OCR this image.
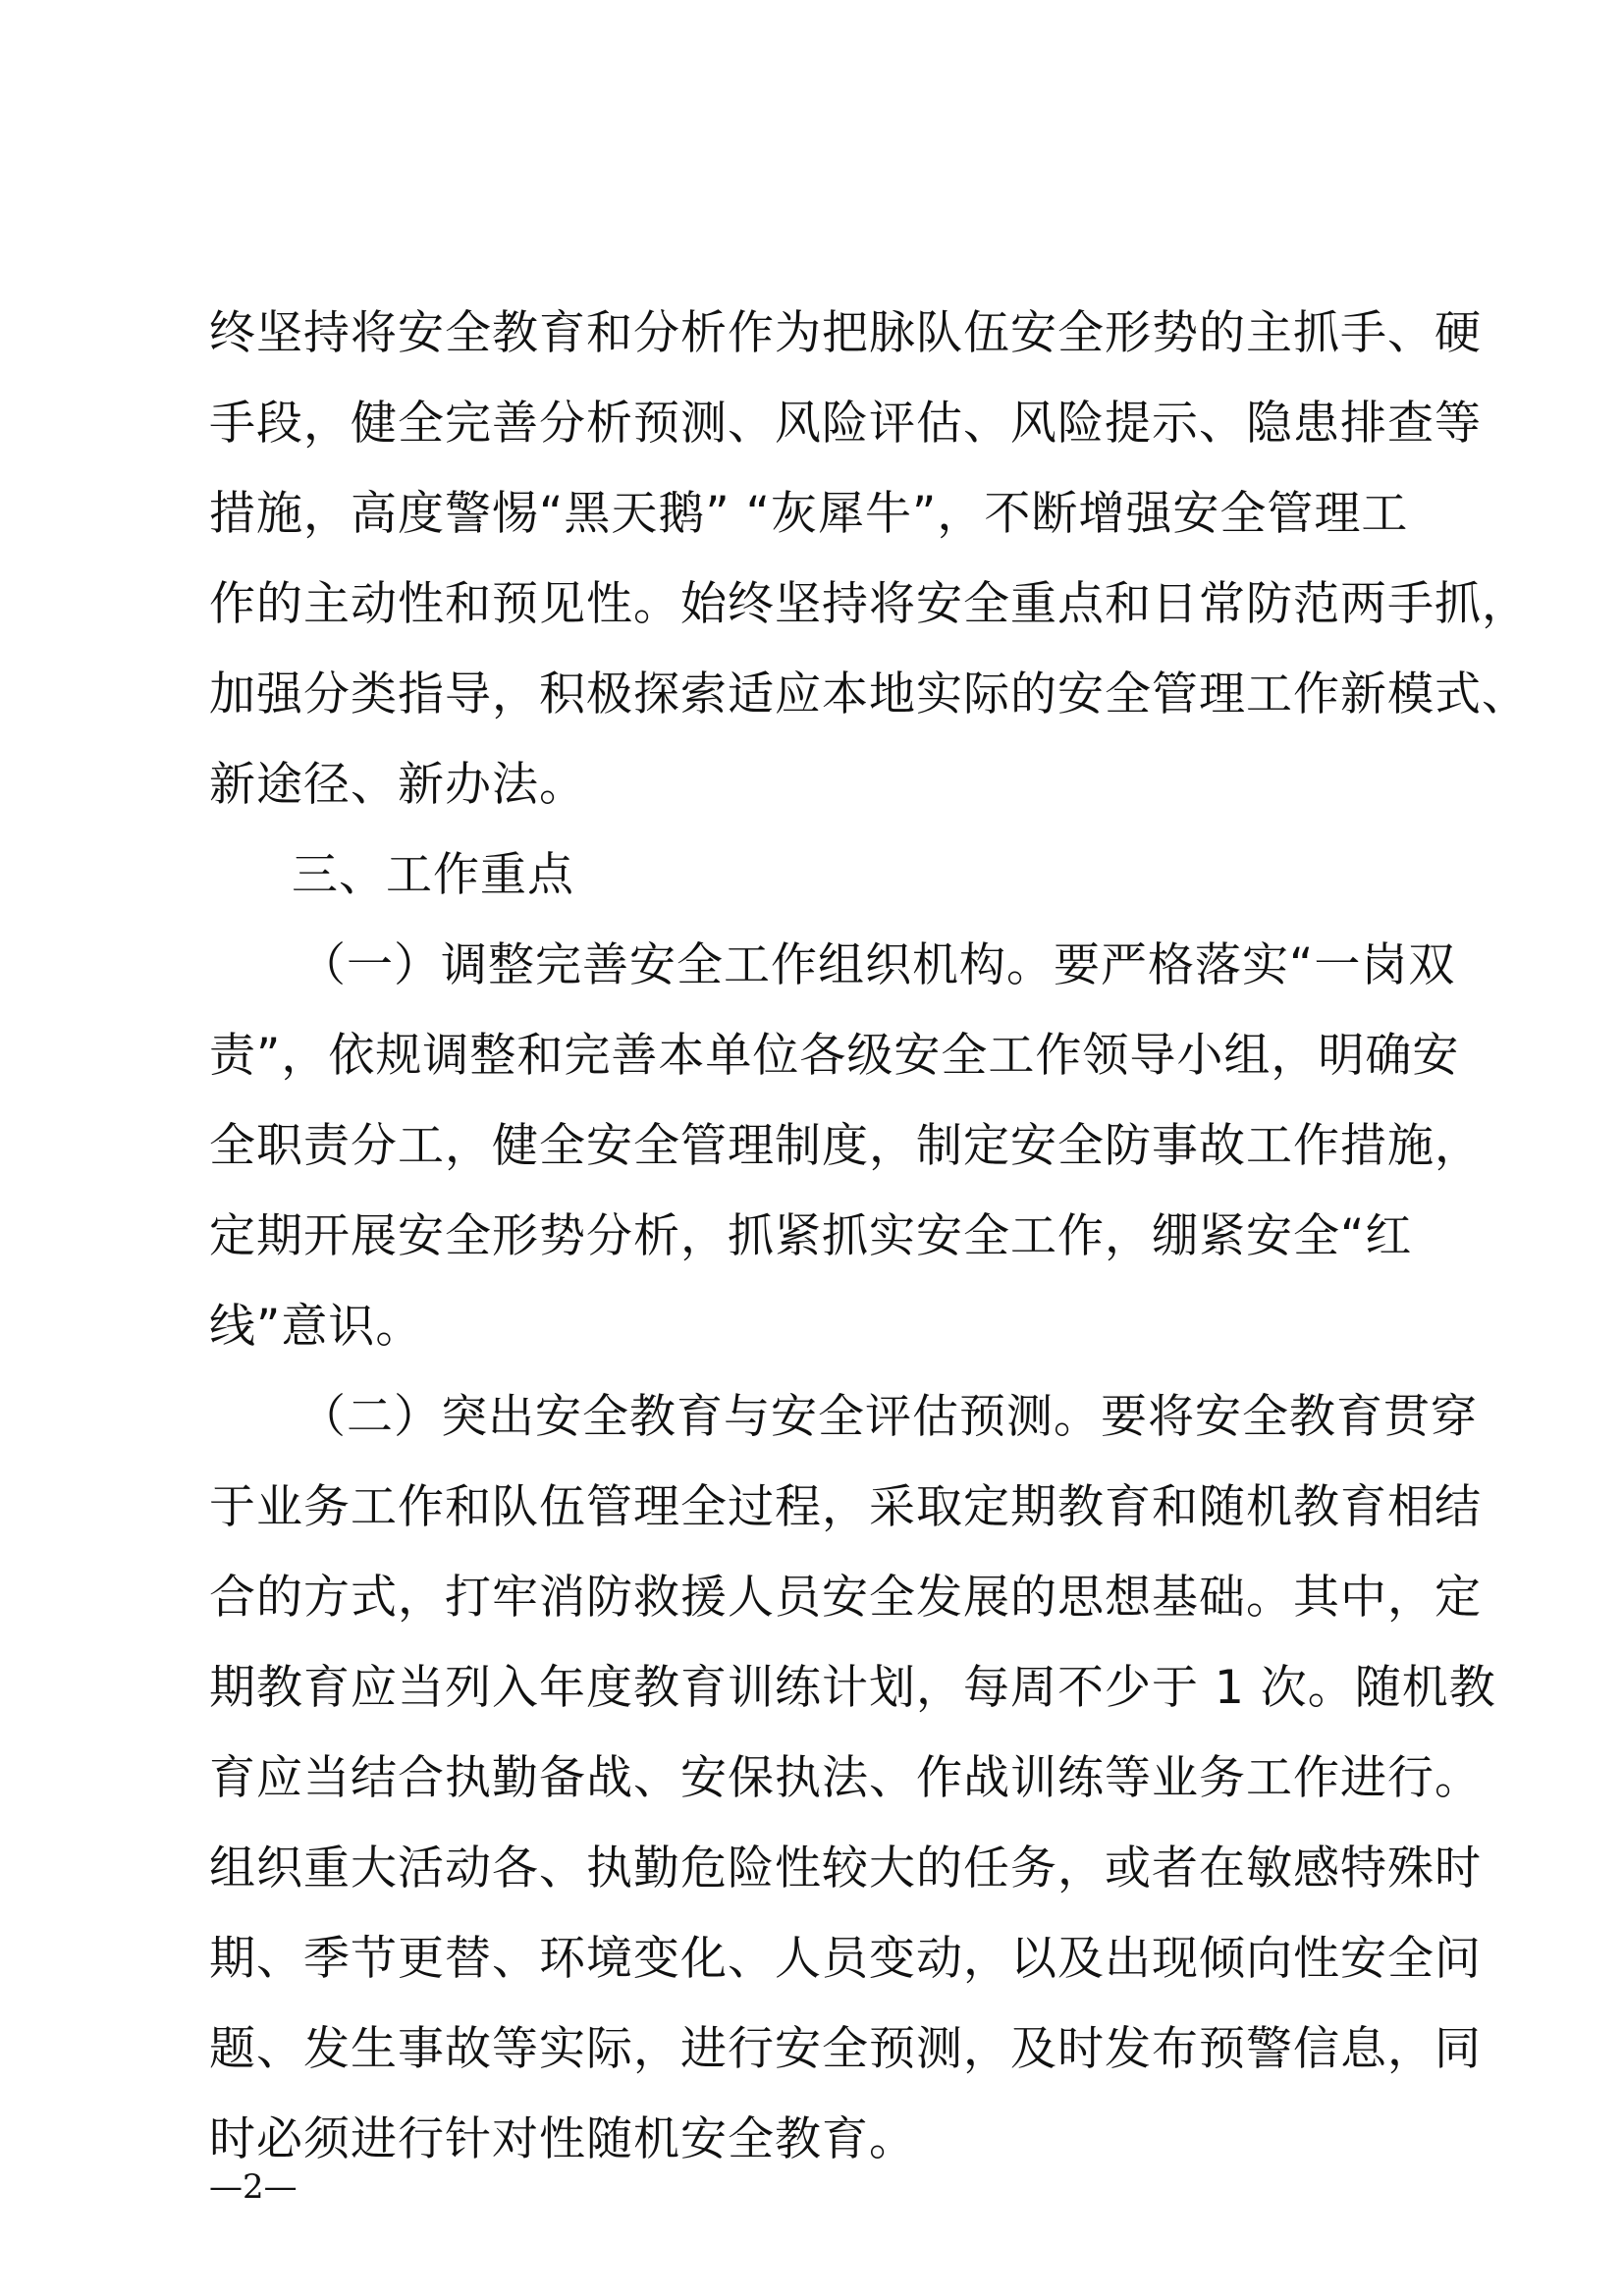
终坚持将安全教育和分析作为把脉队伍安全形势的主抓手、硬
手段，健全完善分析预测、风险评估、风险提示、隐患排查等
措施，高度警惕“黑天鹅” “灰犀牛”，不断增强安全管理工
作的主动性和预见性。始终坚持将安全重点和日常防范两手抓，
加强分类指导，积极探索适应本地实际的安全管理工作新模式、
新途径、新办法。
三、工作重点
（一）调整完善安全工作组织机构。要严格落实“一岗双
责”，依规调整和完善本单位各级安全工作领导小组，明确安
全职责分工，健全安全管理制度，制定安全防事故工作措施，
定期开展安全形势分析，抓紧抓实安全工作，绷紧安全“红
线”意识。
（二）突出安全教育与安全评估预测。要将安全教育贯穿
于业务工作和队伍管理全过程，采取定期教育和随机教育相结
合的方式，打牢消防救援人员安全发展的思想基础。其中，定
期教育应当列入年度教育训练计划，每周不少于 1 次。随机教
育应当结合执勤备战、安保执法、作战训练等业务工作进行。
组织重大活动各、执勤危险性较大的任务，或者在敏感特殊时
期、季节更替、环境变化、人员变动，以及出现倾向性安全问
题、发生事故等实际，进行安全预测，及时发布预警信息，同
时必须进行针对性随机安全教育。
—2—
